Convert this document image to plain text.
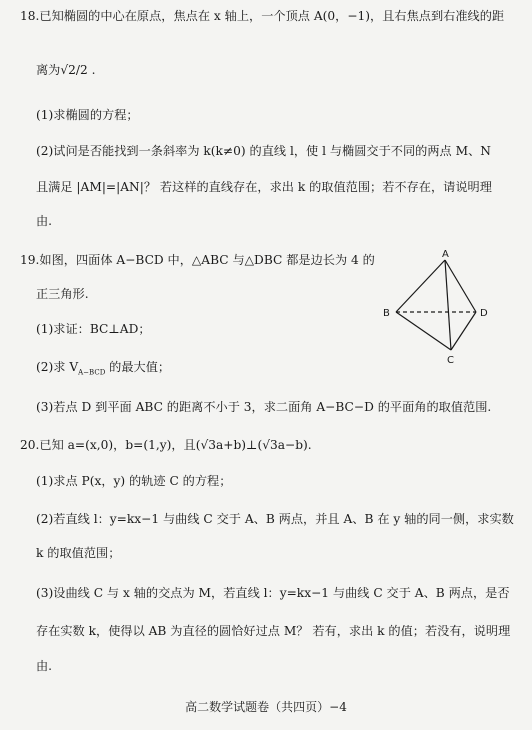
18.已知椭圆的中心在原点，焦点在 x 轴上，一个顶点 A(0，−1)，且右焦点到右准线的距
离为√2/2 .
(1)求椭圆的方程；
(2)试问是否能找到一条斜率为 k(k≠0) 的直线 l，使 l 与椭圆交于不同的两点 M、N
且满足 |AM|=|AN|？ 若这样的直线存在，求出 k 的取值范围；若不存在，请说明理
由.
19.如图，四面体 A−BCD 中，△ABC 与△DBC 都是边长为 4 的
正三角形.
(1)求证：BC⊥AD；
(2)求 $V_{A-BCD}$ 的最大值；
(3)若点 D 到平面 ABC 的距离不小于 3，求二面角 A−BC−D 的平面角的取值范围.
A
B	D
C
20.已知 a=(x,0)，b=(1,y)，且(√3a+b)⊥(√3a−b).
(1)求点 P(x，y) 的轨迹 C 的方程；
(2)若直线 l：y=kx−1 与曲线 C 交于 A、B 两点，并且 A、B 在 y 轴的同一侧，求实数
k 的取值范围；
(3)设曲线 C 与 x 轴的交点为 M，若直线 l：y=kx−1 与曲线 C 交于 A、B 两点，是否
存在实数 k，使得以 AB 为直径的圆恰好过点 M？ 若有，求出 k 的值；若没有，说明理
由.
高二数学试题卷（共四页）−4
